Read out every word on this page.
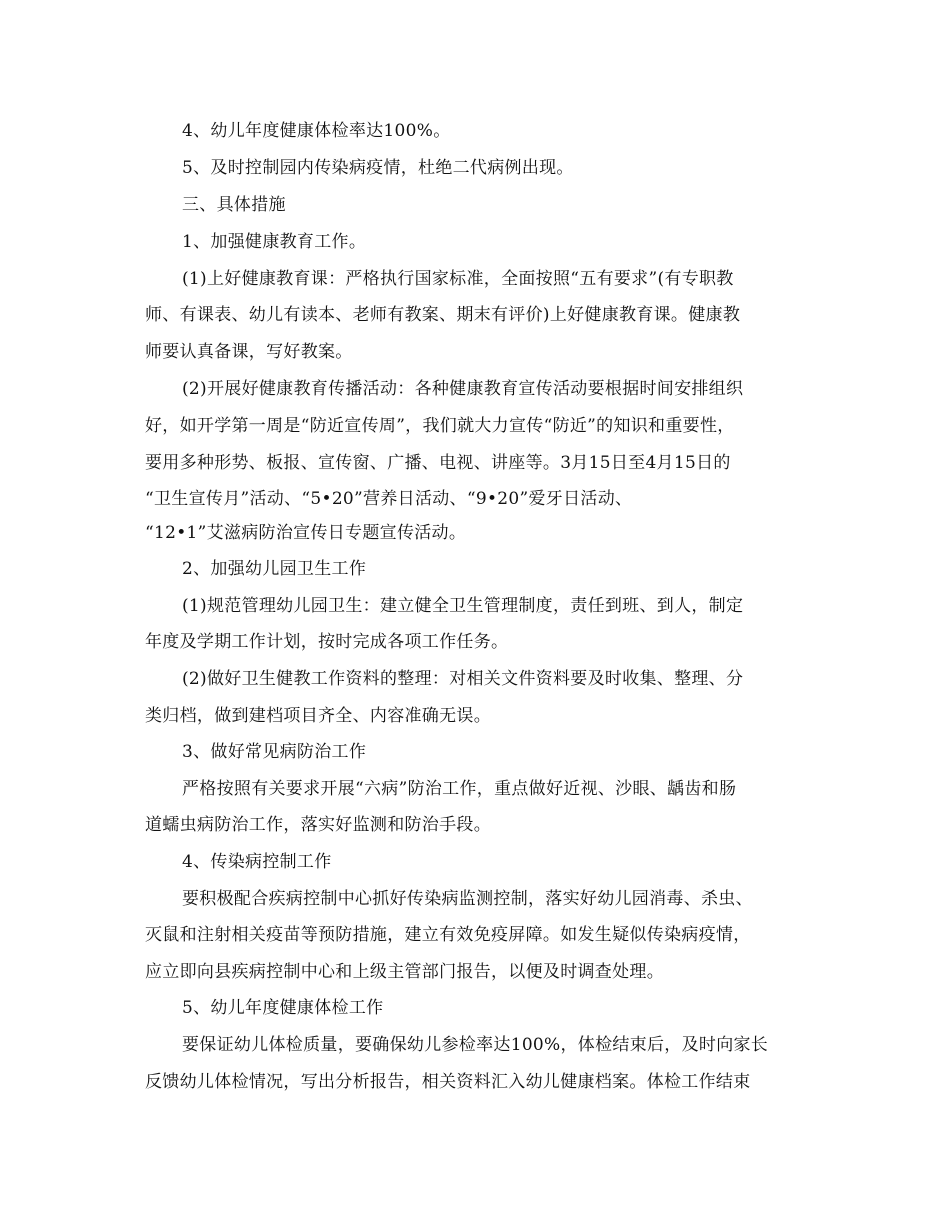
4、幼儿年度健康体检率达100%。
5、及时控制园内传染病疫情，杜绝二代病例出现。
三、具体措施
1、加强健康教育工作。
(1)上好健康教育课：严格执行国家标准，全面按照“五有要求”(有专职教
师、有课表、幼儿有读本、老师有教案、期末有评价)上好健康教育课。健康教
师要认真备课，写好教案。
(2)开展好健康教育传播活动：各种健康教育宣传活动要根据时间安排组织
好，如开学第一周是“防近宣传周”，我们就大力宣传“防近”的知识和重要性，
要用多种形势、板报、宣传窗、广播、电视、讲座等。3月15日至4月15日的
“卫生宣传月”活动、“5•20”营养日活动、“9•20”爱牙日活动、
“12•1”艾滋病防治宣传日专题宣传活动。
2、加强幼儿园卫生工作
(1)规范管理幼儿园卫生：建立健全卫生管理制度，责任到班、到人，制定
年度及学期工作计划，按时完成各项工作任务。
(2)做好卫生健教工作资料的整理：对相关文件资料要及时收集、整理、分
类归档，做到建档项目齐全、内容准确无误。
3、做好常见病防治工作
严格按照有关要求开展“六病”防治工作，重点做好近视、沙眼、龋齿和肠
道蠕虫病防治工作，落实好监测和防治手段。
4、传染病控制工作
要积极配合疾病控制中心抓好传染病监测控制，落实好幼儿园消毒、杀虫、
灭鼠和注射相关疫苗等预防措施，建立有效免疫屏障。如发生疑似传染病疫情，
应立即向县疾病控制中心和上级主管部门报告，以便及时调查处理。
5、幼儿年度健康体检工作
要保证幼儿体检质量，要确保幼儿参检率达100%，体检结束后，及时向家长
反馈幼儿体检情况，写出分析报告，相关资料汇入幼儿健康档案。体检工作结束
